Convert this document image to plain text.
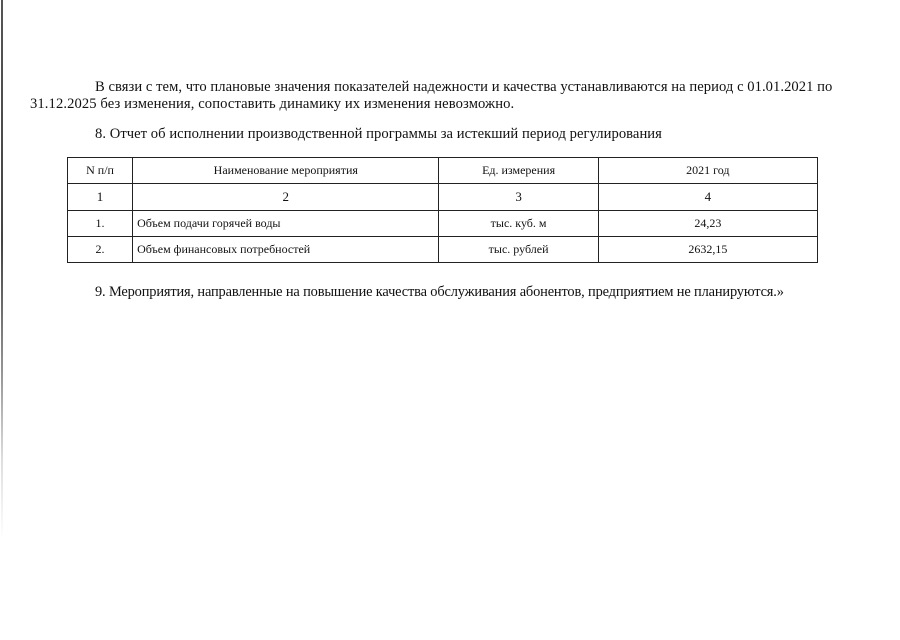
В связи с тем, что плановые значения показателей надежности и качества устанавливаются на период с 01.01.2021 по
31.12.2025 без изменения, сопоставить динамику их изменения невозможно.
8. Отчет об исполнении производственной программы за истекший период регулирования
N п/п	Наименование мероприятия	Ед. измерения	2021 год
1	2	3	4
1.	Объем подачи горячей воды	тыс. куб. м	24,23
2.	Объем финансовых потребностей	тыс. рублей	2632,15
9. Мероприятия, направленные на повышение качества обслуживания абонентов, предприятием не планируются.»
